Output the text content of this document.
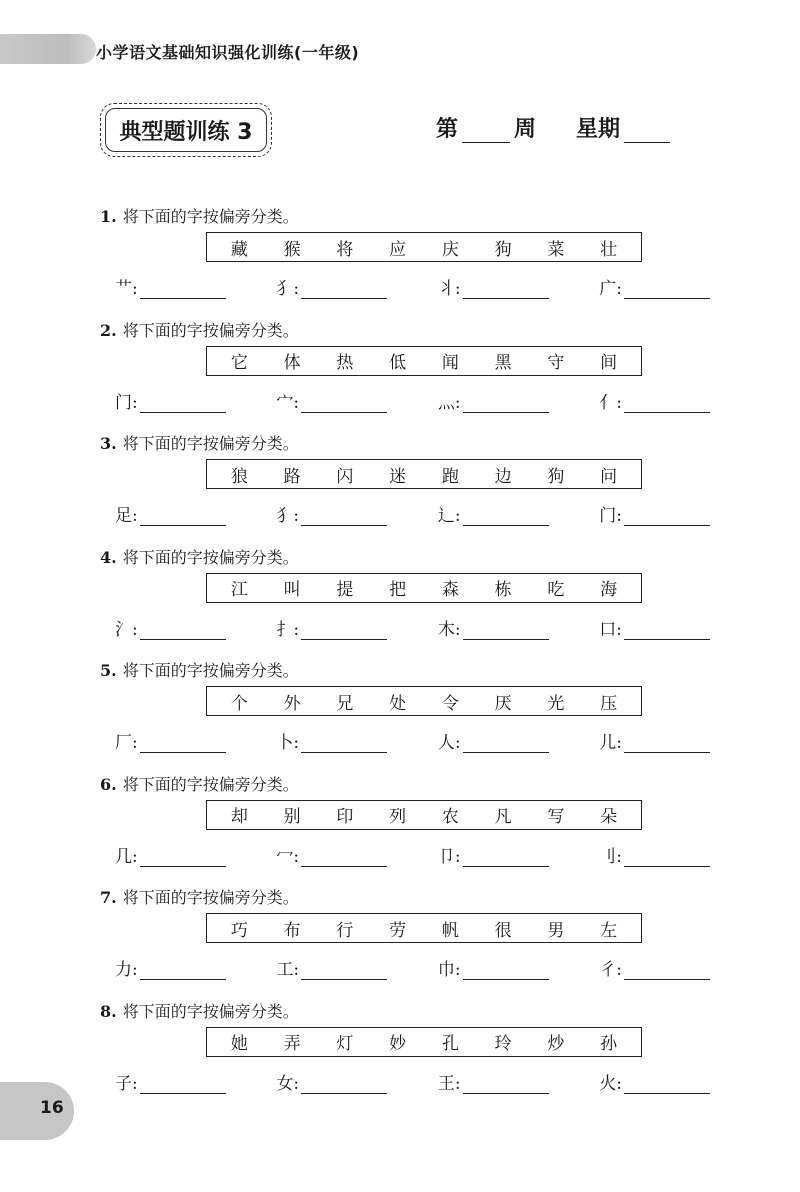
小学语文基础知识强化训练(一年级)
典型题训练 3	第	周 星期
1. 将下面的字按偏旁分类。
藏 猴 将 应 庆 狗 菜 壮
艹 :	犭 :	丬 :	广 :
2. 将下面的字按偏旁分类。
它 体 热 低 闻 黑 守 间
门 :	宀 :	灬 :	亻 :
3. 将下面的字按偏旁分类。
狼 路 闪 迷 跑 边 狗 问
足 :	犭 :	辶 :	门 :
4. 将下面的字按偏旁分类。
江 叫 提 把 森 栋 吃 海
氵 :	扌 :	木 :	口 :
5. 将下面的字按偏旁分类。
个 外 兄 处 令 厌 光 压
厂 :	卜 :	人 :	儿 :
6. 将下面的字按偏旁分类。
却 别 印 列 农 凡 写 朵
几 :	冖 :	卩 :	刂 :
7. 将下面的字按偏旁分类。
巧 布 行 劳 帆 很 男 左
力 :	工 :	巾 :	彳 :
8. 将下面的字按偏旁分类。
她 弄 灯 妙 孔 玲 炒 孙
子 :	女 :	王 :	火 :
16
